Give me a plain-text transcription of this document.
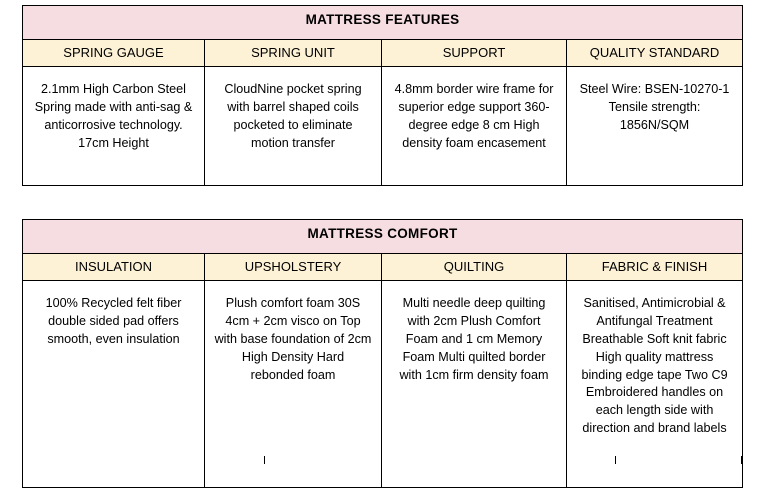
MATTRESS FEATURES			
SPRING GAUGE	SPRING UNIT	SUPPORT	QUALITY STANDARD
2.1mm High Carbon Steel Spring made with anti-sag & anticorrosive technology. 17cm Height	CloudNine pocket spring with barrel shaped coils pocketed to eliminate motion transfer	4.8mm border wire frame for superior edge support 360-degree edge 8 cm High density foam encasement	Steel Wire: BSEN-10270-1 Tensile strength: 1856N/SQM
MATTRESS COMFORT			
INSULATION	UPSHOLSTERY	QUILTING	FABRIC & FINISH
100% Recycled felt fiber double sided pad offers smooth, even insulation	Plush comfort foam 30S 4cm + 2cm visco on Top with base foundation of 2cm High Density Hard rebonded foam	Multi needle deep quilting with 2cm Plush Comfort Foam and 1 cm Memory Foam Multi quilted border with 1cm firm density foam	Sanitised, Antimicrobial & Antifungal Treatment Breathable Soft knit fabric High quality mattress binding edge tape Two C9 Embroidered handles on each length side with direction and brand labels
